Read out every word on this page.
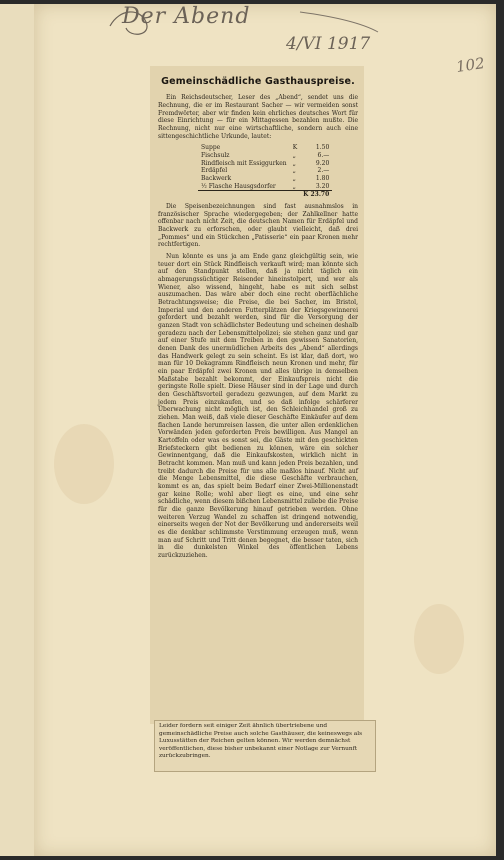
Der Abend
4/VI 1917
102
Gemeinschädliche Gasthauspreise.

Ein Reichsdeutscher, Leser des „Abend“, sendet uns die Rechnung, die er im Restaurant Sacher — wir vermeiden sonst Fremdwörter, aber wir finden kein ehrliches deutsches Wort für diese Einrichtung — für ein Mittagessen bezahlen mußte. Die Rechnung, nicht nur eine wirtschaftliche, sondern auch eine sittengeschichtliche Urkunde, lautet:

Suppe	K	1.50
Fischsulz	„	6.—
Rindfleisch mit Essiggurken	„	9.20
Erdäpfel	„	2.—
Backwerk	„	1.80
½ Flasche Hausgsdorfer	„	3.20
		K 23.70

Die Speisenbezeichnungen sind fast ausnahmslos in französischer Sprache wiedergegeben; der Zahlkellner hatte offenbar nach nicht Zeit, die deutschen Namen für Erdäpfel und Backwerk zu erforschen, oder glaubt vielleicht, daß drei „Pommes“ und ein Stückchen „Patisserie“ ein paar Kronen mehr rechtfertigen.

Nun könnte es uns ja am Ende ganz gleichgültig sein, wie teuer dort ein Stück Rindfleisch verkauft wird; man könnte sich auf den Standpunkt stellen, daß ja nicht täglich ein abmagerungssüchtiger Reisender hineinstolpert, und wer als Wiener, also wissend, hingeht, habe es mit sich selbst auszumachen. Das wäre aber doch eine recht oberflächliche Betrachtungsweise; die Preise, die bei Sacher, im Bristol, Imperial und den anderen Futterplätzen der Kriegsgewinnerei gefordert und bezahlt werden, sind für die Versorgung der ganzen Stadt von schädlichster Bedeutung und scheinen deshalb geradezu nach der Lebensmittelpolizei; sie stehen ganz und gar auf einer Stufe mit dem Treiben in den gewissen Sanatorien, denen Dank des unermüdlichen Arbeits des „Abend“ allerdings das Handwerk gelegt zu sein scheint. Es ist klar, daß dort, wo man für 10 Dekagramm Rindfleisch neun Kronen und mehr, für ein paar Erdäpfel zwei Kronen und alles übrige in demselben Maßstabe bezahlt bekommt, der Einkaufspreis nicht die geringste Rolle spielt. Diese Häuser sind in der Lage und durch den Geschäftsvorteil geradezu gezwungen, auf dem Markt zu jedem Preis einzukaufen, und so daß infolge schärferer Überwachung nicht möglich ist, den Schleichhandel groß zu ziehen. Man weiß, daß viele dieser Geschäfte Einkäufer auf dem flachen Lande herumreisen lassen, die unter allen erdenklichen Vorwänden jeden geforderten Preis bewilligen. Aus Mangel an Kartoffeln oder was es sonst sei, die Gäste mit den geschickten Briefsteckern gibt bedienen zu können, wäre ein solcher Gewinnentgang, daß die Einkaufskosten, wirklich nicht in Betracht kommen. Man muß und kann jeden Preis bezahlen, und treibt dadurch die Preise für uns alle maßlos hinauf. Nicht auf die Menge Lebensmittel, die diese Geschäfte verbrauchen, kommt es an, das spielt beim Bedarf einer Zwei-Millionenstadt gar keine Rolle; wohl aber liegt es eine, und eine sehr schädliche, wenn diesem bißchen Lebensmittel zuliebe die Preise für die ganze Bevölkerung hinauf getrieben werden. Ohne weiteren Verzug Wandel zu schaffen ist dringend notwendig, einerseits wegen der Not der Bevölkerung und andererseits weil es die denkbar schlimmste Verstimmung erzeugen muß, wenn man auf Schritt und Tritt denen begegnet, die besser taten, sich in die dunkelsten Winkel des öffentlichen Lebens zurückzuziehen.

Leider fordern seit einiger Zeit ähnlich übertriebene und gemeinschädliche Preise auch solche Gasthäuser, die keineswegs als Luxusstätten der Reichen gelten können. Wir werden demnächst veröffentlichen, diese bisher unbekannt einer Notlage zur Vernunft zurückzubringen.
